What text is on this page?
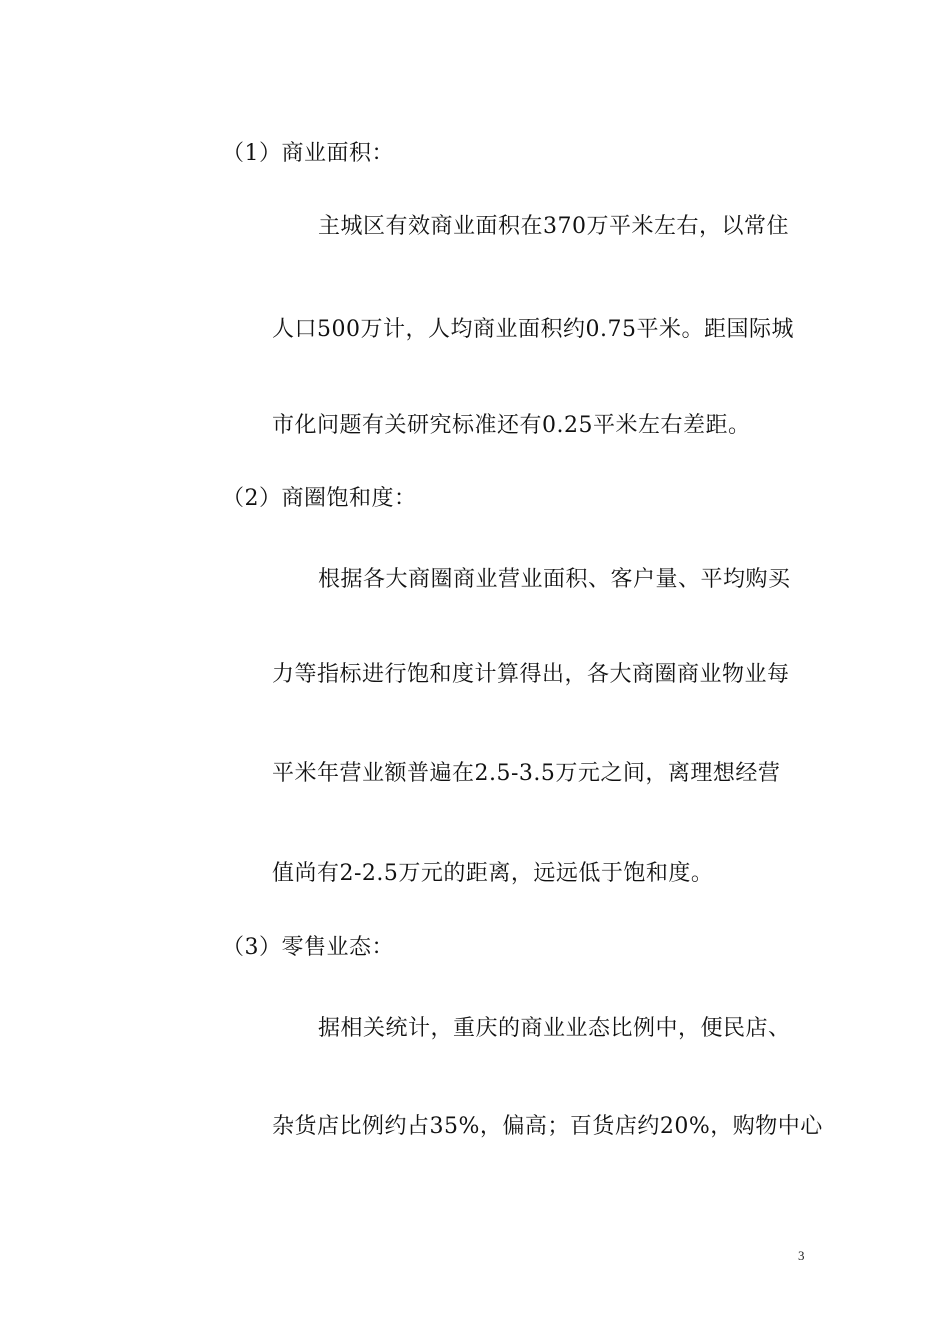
（1）商业面积：
主城区有效商业面积在370万平米左右，以常住
人口500万计，人均商业面积约0.75平米。距国际城
市化问题有关研究标准还有0.25平米左右差距。
（2）商圈饱和度：
根据各大商圈商业营业面积、客户量、平均购买
力等指标进行饱和度计算得出，各大商圈商业物业每
平米年营业额普遍在2.5-3.5万元之间，离理想经营
值尚有2-2.5万元的距离，远远低于饱和度。
（3）零售业态：
据相关统计，重庆的商业业态比例中，便民店、
杂货店比例约占35%，偏高；百货店约20%，购物中心
3
